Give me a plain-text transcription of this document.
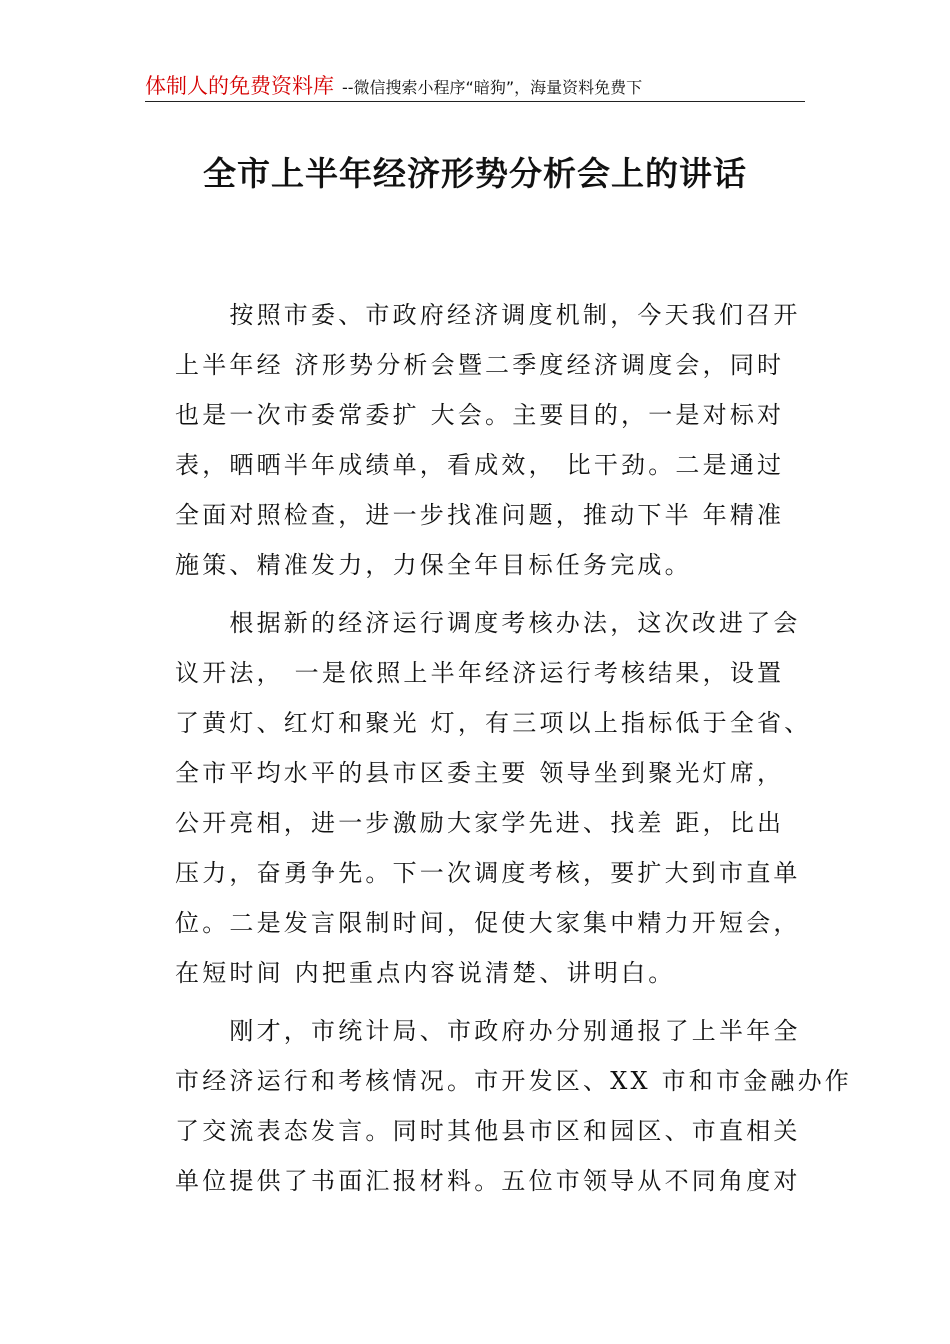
体制人的免费资料库 --微信搜索小程序“暗狗”，海量资料免费下
全市上半年经济形势分析会上的讲话
　　按照市委、市政府经济调度机制，今天我们召开
上半年经 济形势分析会暨二季度经济调度会，同时
也是一次市委常委扩 大会。主要目的，一是对标对
表，晒晒半年成绩单，看成效， 比干劲。二是通过
全面对照检查，进一步找准问题，推动下半 年精准
施策、精准发力，力保全年目标任务完成。
　　根据新的经济运行调度考核办法，这次改进了会
议开法， 一是依照上半年经济运行考核结果，设置
了黄灯、红灯和聚光 灯，有三项以上指标低于全省、
全市平均水平的县市区委主要 领导坐到聚光灯席，
公开亮相，进一步激励大家学先进、找差 距，比出
压力，奋勇争先。下一次调度考核，要扩大到市直单
位。二是发言限制时间，促使大家集中精力开短会，
在短时间 内把重点内容说清楚、讲明白。
　　刚才，市统计局、市政府办分别通报了上半年全
市经济运行和考核情况。市开发区、XX 市和市金融办作
了交流表态发言。同时其他县市区和园区、市直相关
单位提供了书面汇报材料。五位市领导从不同角度对
